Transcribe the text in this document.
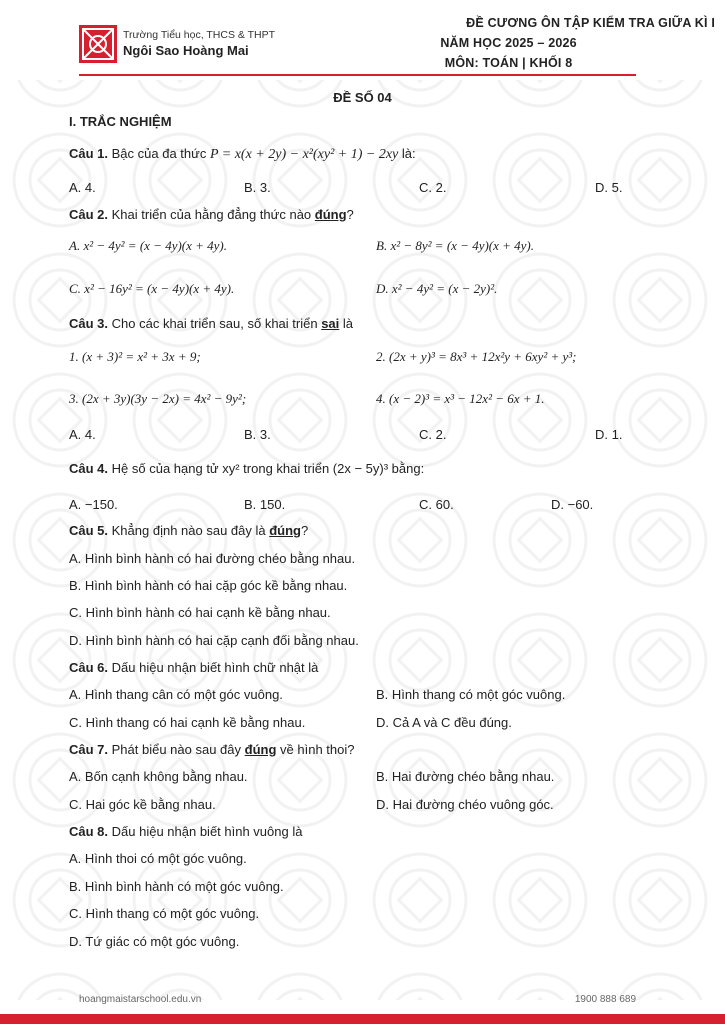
Trường Tiểu học, THCS & THPT
Ngôi Sao Hoàng Mai
ĐỀ CƯƠNG ÔN TẬP KIỂM TRA GIỮA KÌ I
NĂM HỌC 2025 – 2026
MÔN: TOÁN | KHỐI 8
ĐỀ SỐ 04
I. TRẮC NGHIỆM
Câu 1. Bậc của đa thức P = x(x + 2y) − x²(xy² + 1) − 2xy là:
A. 4.	B. 3.	C. 2.	D. 5.
Câu 2. Khai triển của hằng đẳng thức nào đúng?
A. x² − 4y² = (x − 4y)(x + 4y).	B. x² − 8y² = (x − 4y)(x + 4y).
C. x² − 16y² = (x − 4y)(x + 4y).	D. x² − 4y² = (x − 2y)².
Câu 3. Cho các khai triển sau, số khai triển sai là
1. (x + 3)² = x² + 3x + 9;	2. (2x + y)³ = 8x³ + 12x²y + 6xy² + y³;
3. (2x + 3y)(3y − 2x) = 4x² − 9y²;	4. (x − 2)³ = x³ − 12x² − 6x + 1.
A. 4.	B. 3.	C. 2.	D. 1.
Câu 4. Hệ số của hạng tử xy² trong khai triển (2x − 5y)³ bằng:
A. −150.	B. 150.	C. 60.	D. −60.
Câu 5. Khẳng định nào sau đây là đúng?
A. Hình bình hành có hai đường chéo bằng nhau.
B. Hình bình hành có hai cặp góc kề bằng nhau.
C. Hình bình hành có hai cạnh kề bằng nhau.
D. Hình bình hành có hai cặp cạnh đối bằng nhau.
Câu 6. Dấu hiệu nhận biết hình chữ nhật là
A. Hình thang cân có một góc vuông.	B. Hình thang có một góc vuông.
C. Hình thang có hai cạnh kề bằng nhau.	D. Cả A và C đều đúng.
Câu 7. Phát biểu nào sau đây đúng về hình thoi?
A. Bốn cạnh không bằng nhau.	B. Hai đường chéo bằng nhau.
C. Hai góc kề bằng nhau.	D. Hai đường chéo vuông góc.
Câu 8. Dấu hiệu nhận biết hình vuông là
A. Hình thoi có một góc vuông.
B. Hình bình hành có một góc vuông.
C. Hình thang có một góc vuông.
D. Tứ giác có một góc vuông.
hoangmaistarschool.edu.vn	1900 888 689
